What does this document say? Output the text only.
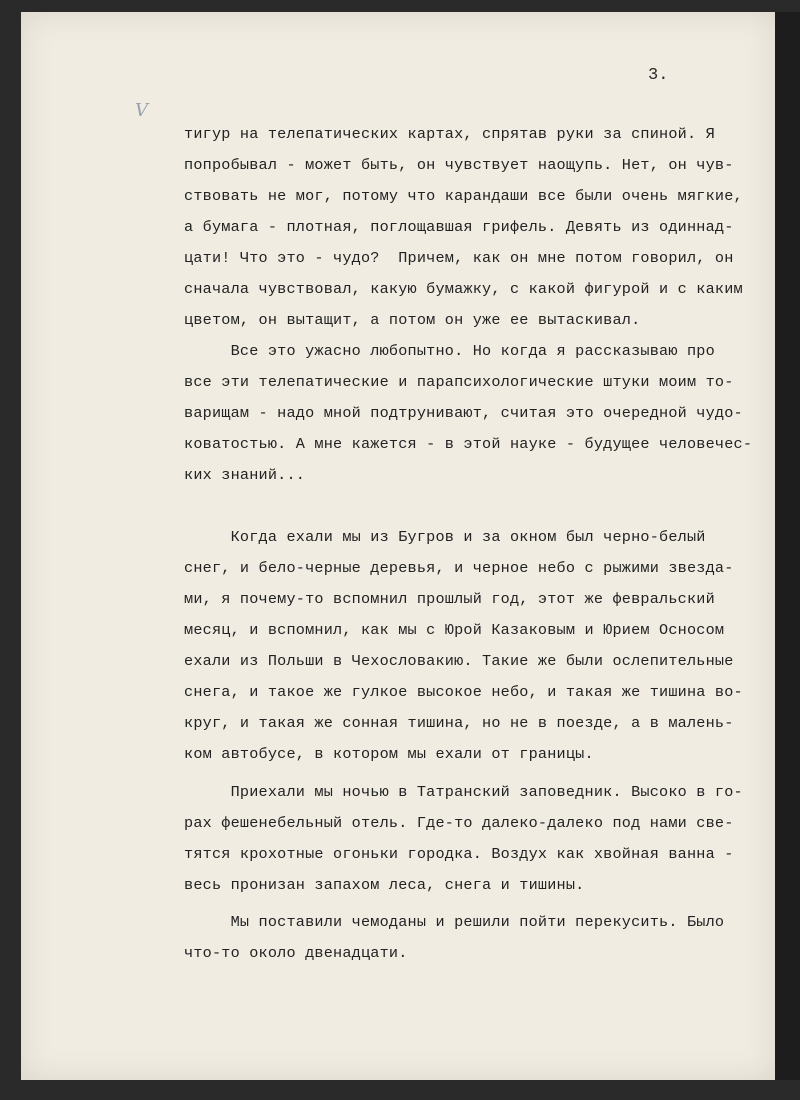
3.
V
тигур на телепатических картах, спрятав руки за спиной. Я
попробывал - может быть, он чувствует наощупь. Нет, он чув-
ствовать не мог, потому что карандаши все были очень мягкие,
а бумага - плотная, поглощавшая грифель. Девять из одиннад-
цати! Что это - чудо?  Причем, как он мне потом говорил, он
сначала чувствовал, какую бумажку, с какой фигурой и с каким
цветом, он вытащит, а потом он уже ее вытаскивал.
Все это ужасно любопытно. Но когда я рассказываю про
все эти телепатические и парапсихологические штуки моим то-
варищам - надо мной подтрунивают, считая это очередной чудо-
коватостью. А мне кажется - в этой науке - будущее человечес-
ких знаний...
Когда ехали мы из Бугров и за окном был черно-белый
снег, и бело-черные деревья, и черное небо с рыжими звезда-
ми, я почему-то вспомнил прошлый год, этот же февральский
месяц, и вспомнил, как мы с Юрой Казаковым и Юрием Осносом
ехали из Польши в Чехословакию. Такие же были ослепительные
снега, и такое же гулкое высокое небо, и такая же тишина во-
круг, и такая же сонная тишина, но не в поезде, а в малень-
ком автобусе, в котором мы ехали от границы.
Приехали мы ночью в Татранский заповедник. Высоко в го-
рах фешенебельный отель. Где-то далеко-далеко под нами све-
тятся крохотные огоньки городка. Воздух как хвойная ванна -
весь пронизан запахом леса, снега и тишины.
Мы поставили чемоданы и решили пойти перекусить. Было
что-то около двенадцати.
